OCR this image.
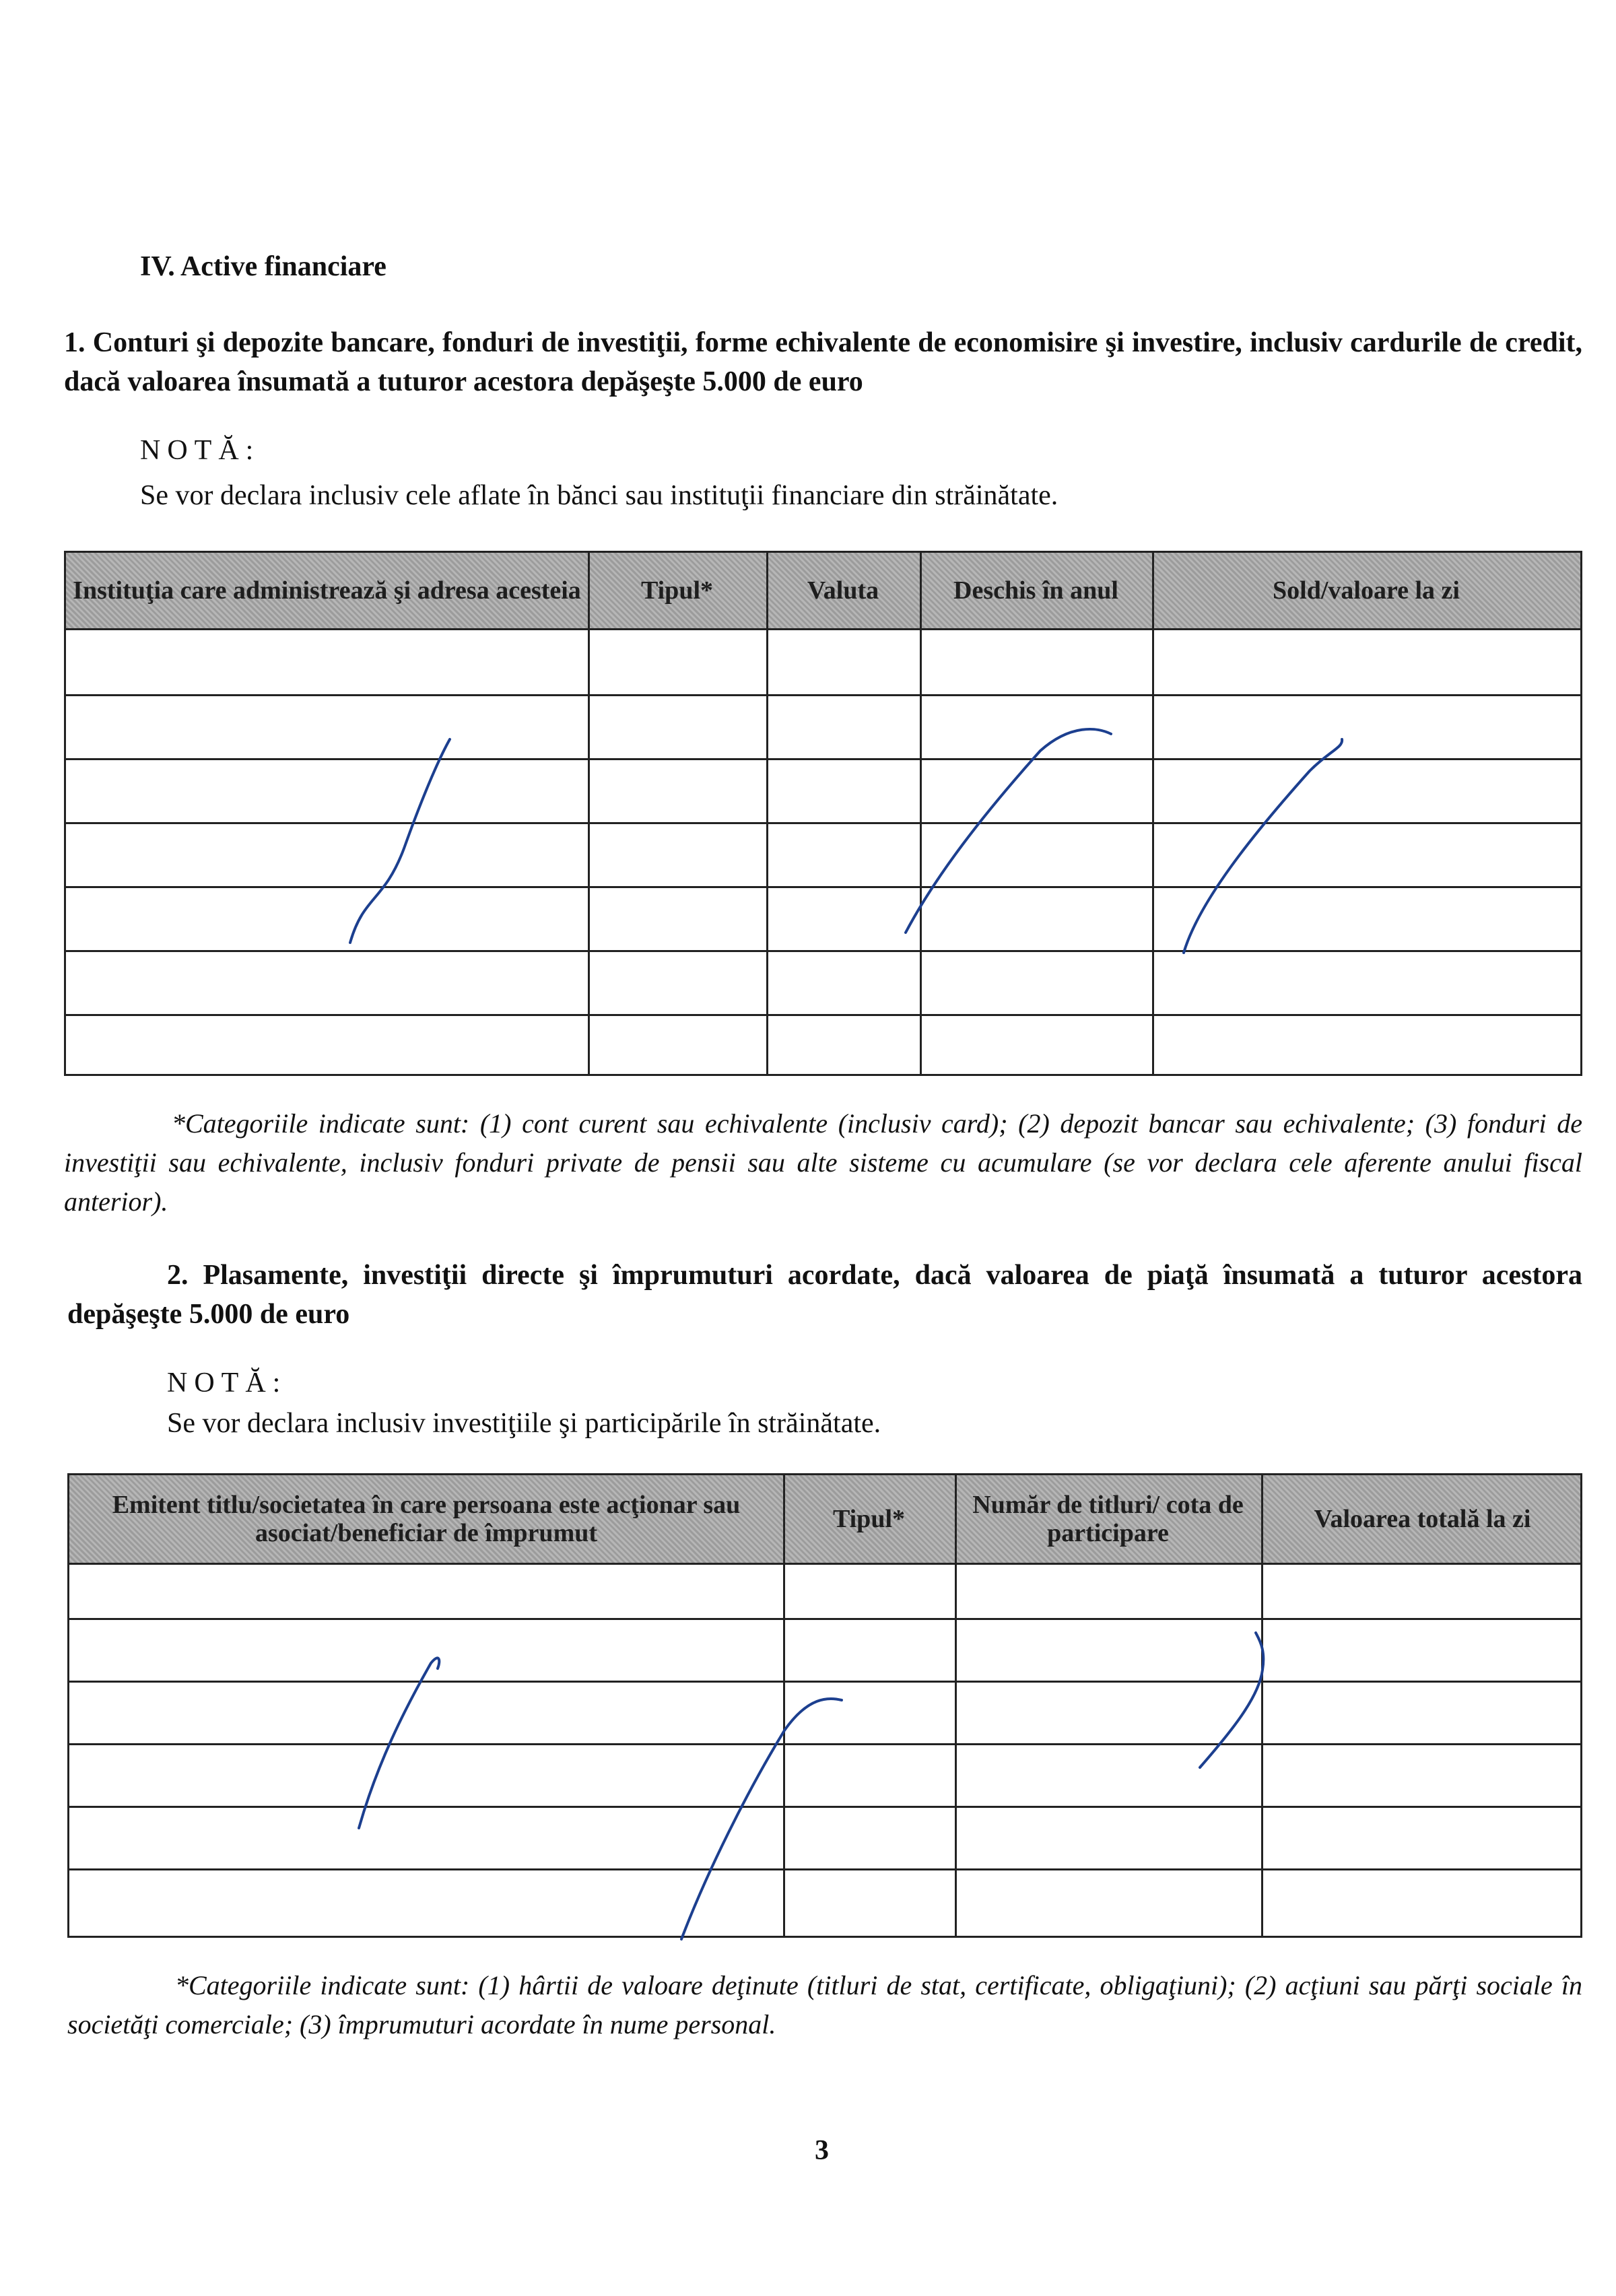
IV. Active financiare
1. Conturi şi depozite bancare, fonduri de investiţii, forme echivalente de economisire şi investire, inclusiv cardurile de credit, dacă valoarea însumată a tuturor acestora depăşeşte 5.000 de euro
NOTĂ:
Se vor declara inclusiv cele aflate în bănci sau instituţii financiare din străinătate.
Instituţia care administrează şi adresa acesteia	Tipul*	Valuta	Deschis în anul	Sold/valoare la zi
*Categoriile indicate sunt: (1) cont curent sau echivalente (inclusiv card); (2) depozit bancar sau echivalente; (3) fonduri de investiţii sau echivalente, inclusiv fonduri private de pensii sau alte sisteme cu acumulare (se vor declara cele aferente anului fiscal anterior).
2. Plasamente, investiţii directe şi împrumuturi acordate, dacă valoarea de piaţă însumată a tuturor acestora depăşeşte 5.000 de euro
NOTĂ:
Se vor declara inclusiv investiţiile şi participările în străinătate.
Emitent titlu/societatea în care persoana este acţionar sau asociat/beneficiar de împrumut	Tipul*	Număr de titluri/ cota de participare	Valoarea totală la zi
*Categoriile indicate sunt: (1) hârtii de valoare deţinute (titluri de stat, certificate, obligaţiuni); (2) acţiuni sau părţi sociale în societăţi comerciale; (3) împrumuturi acordate în nume personal.
3
